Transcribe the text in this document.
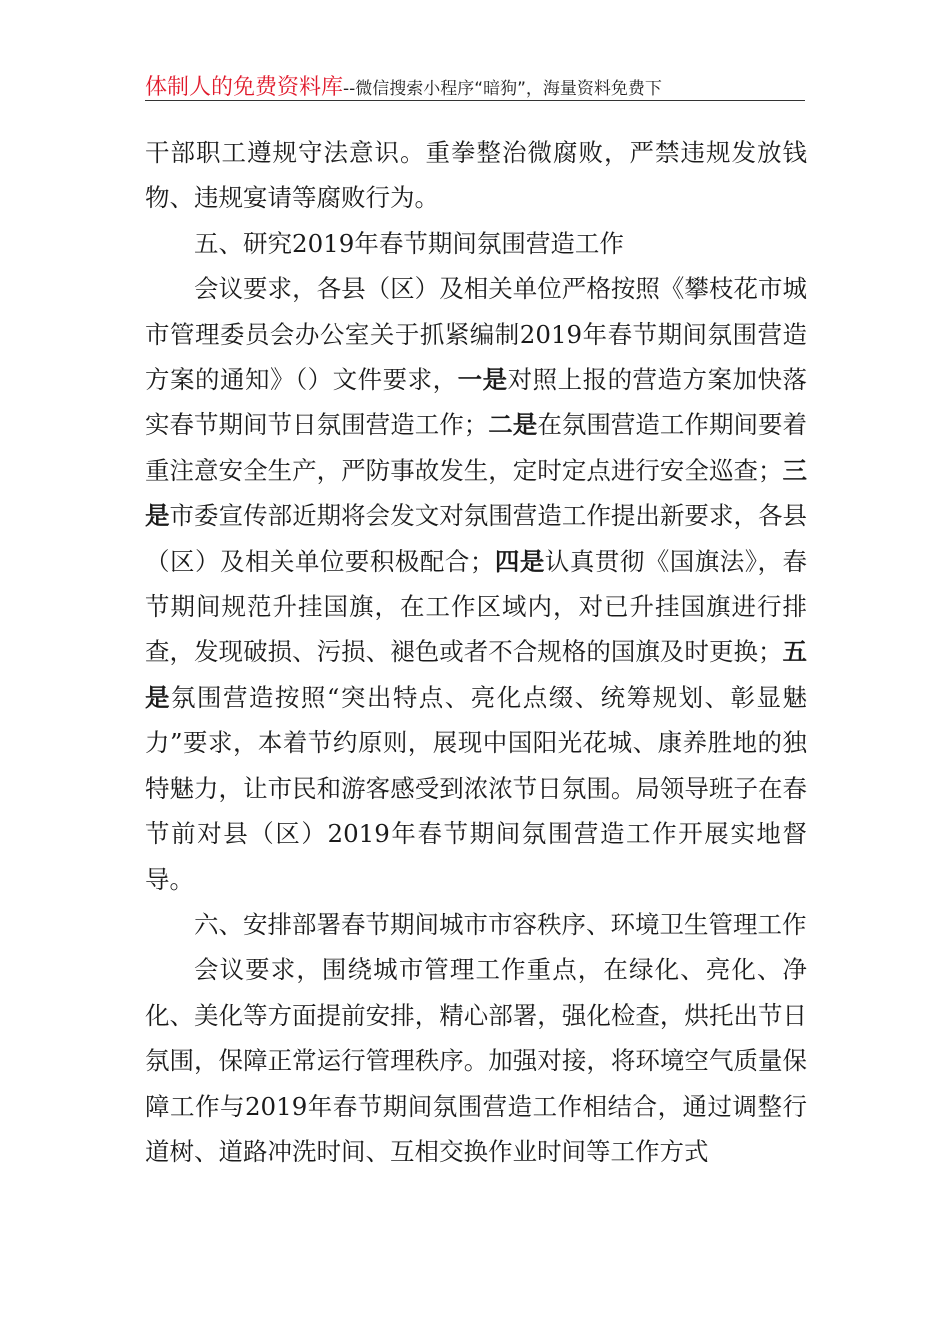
体制人的免费资料库--微信搜索小程序“暗狗”，海量资料免费下

干部职工遵规守法意识。重拳整治微腐败，严禁违规发放钱物、违规宴请等腐败行为。

五、研究2019年春节期间氛围营造工作

会议要求，各县（区）及相关单位严格按照《攀枝花市城市管理委员会办公室关于抓紧编制2019年春节期间氛围营造方案的通知》（）文件要求，一是对照上报的营造方案加快落实春节期间节日氛围营造工作；二是在氛围营造工作期间要着重注意安全生产，严防事故发生，定时定点进行安全巡查；三是市委宣传部近期将会发文对氛围营造工作提出新要求，各县（区）及相关单位要积极配合；四是认真贯彻《国旗法》，春节期间规范升挂国旗，在工作区域内，对已升挂国旗进行排查，发现破损、污损、褪色或者不合规格的国旗及时更换；五是氛围营造按照“突出特点、亮化点缀、统筹规划、彰显魅力”要求，本着节约原则，展现中国阳光花城、康养胜地的独特魅力，让市民和游客感受到浓浓节日氛围。局领导班子在春节前对县（区）2019年春节期间氛围营造工作开展实地督导。

六、安排部署春节期间城市市容秩序、环境卫生管理工作

会议要求，围绕城市管理工作重点，在绿化、亮化、净化、美化等方面提前安排，精心部署，强化检查，烘托出节日氛围，保障正常运行管理秩序。加强对接，将环境空气质量保障工作与2019年春节期间氛围营造工作相结合，通过调整行道树、道路冲洗时间、互相交换作业时间等工作方式
